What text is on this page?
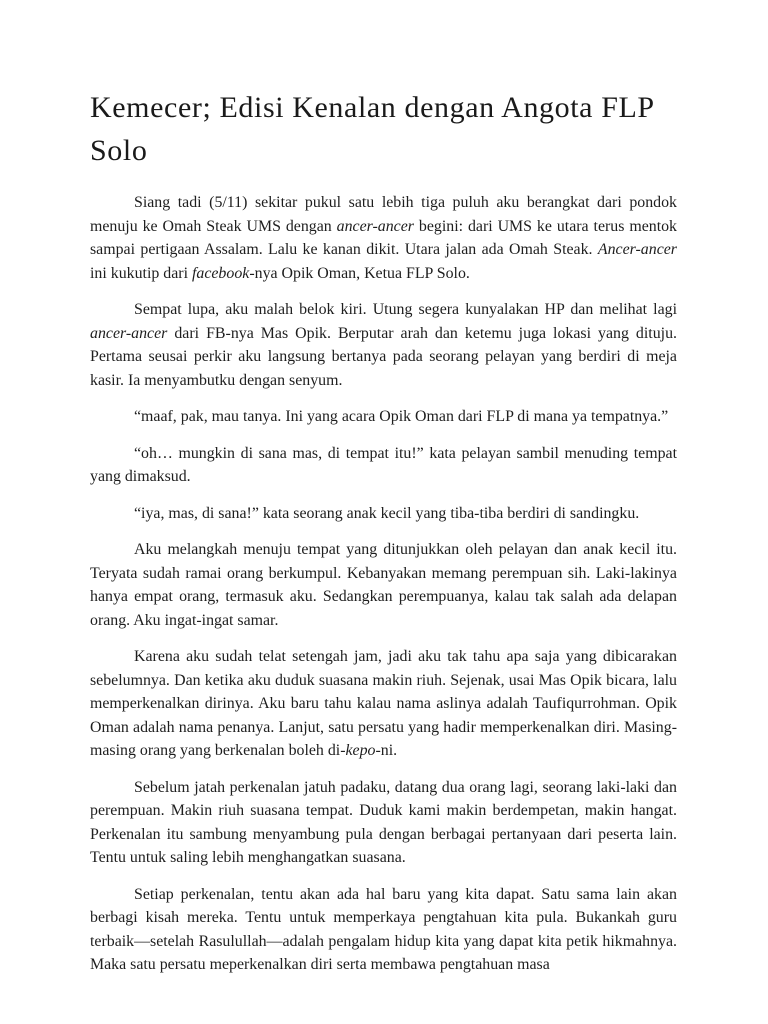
Kemecer; Edisi Kenalan dengan Angota FLP Solo

Siang tadi (5/11) sekitar pukul satu lebih tiga puluh aku berangkat dari pondok menuju ke Omah Steak UMS dengan ancer-ancer begini: dari UMS ke utara terus mentok sampai pertigaan Assalam. Lalu ke kanan dikit. Utara jalan ada Omah Steak. Ancer-ancer ini kukutip dari facebook-nya Opik Oman, Ketua FLP Solo.

Sempat lupa, aku malah belok kiri. Utung segera kunyalakan HP dan melihat lagi ancer-ancer dari FB-nya Mas Opik. Berputar arah dan ketemu juga lokasi yang dituju. Pertama seusai perkir aku langsung bertanya pada seorang pelayan yang berdiri di meja kasir. Ia menyambutku dengan senyum.

“maaf, pak, mau tanya. Ini yang acara Opik Oman dari FLP di mana ya tempatnya.”

“oh… mungkin di sana mas, di tempat itu!” kata pelayan sambil menuding tempat yang dimaksud.

“iya, mas, di sana!” kata seorang anak kecil yang tiba-tiba berdiri di sandingku.

Aku melangkah menuju tempat yang ditunjukkan oleh pelayan dan anak kecil itu. Teryata sudah ramai orang berkumpul. Kebanyakan memang perempuan sih. Laki-lakinya hanya empat orang, termasuk aku. Sedangkan perempuanya, kalau tak salah ada delapan orang. Aku ingat-ingat samar.

Karena aku sudah telat setengah jam, jadi aku tak tahu apa saja yang dibicarakan sebelumnya. Dan ketika aku duduk suasana makin riuh. Sejenak, usai Mas Opik bicara, lalu memperkenalkan dirinya. Aku baru tahu kalau nama aslinya adalah Taufiqurrohman. Opik Oman adalah nama penanya. Lanjut, satu persatu yang hadir memperkenalkan diri. Masing-masing orang yang berkenalan boleh di-kepo-ni.

Sebelum jatah perkenalan jatuh padaku, datang dua orang lagi, seorang laki-laki dan perempuan. Makin riuh suasana tempat. Duduk kami makin berdempetan, makin hangat. Perkenalan itu sambung menyambung pula dengan berbagai pertanyaan dari peserta lain. Tentu untuk saling lebih menghangatkan suasana.

Setiap perkenalan, tentu akan ada hal baru yang kita dapat. Satu sama lain akan berbagi kisah mereka. Tentu untuk memperkaya pengtahuan kita pula. Bukankah guru terbaik—setelah Rasulullah—adalah pengalam hidup kita yang dapat kita petik hikmahnya. Maka satu persatu meperkenalkan diri serta membawa pengtahuan masa
